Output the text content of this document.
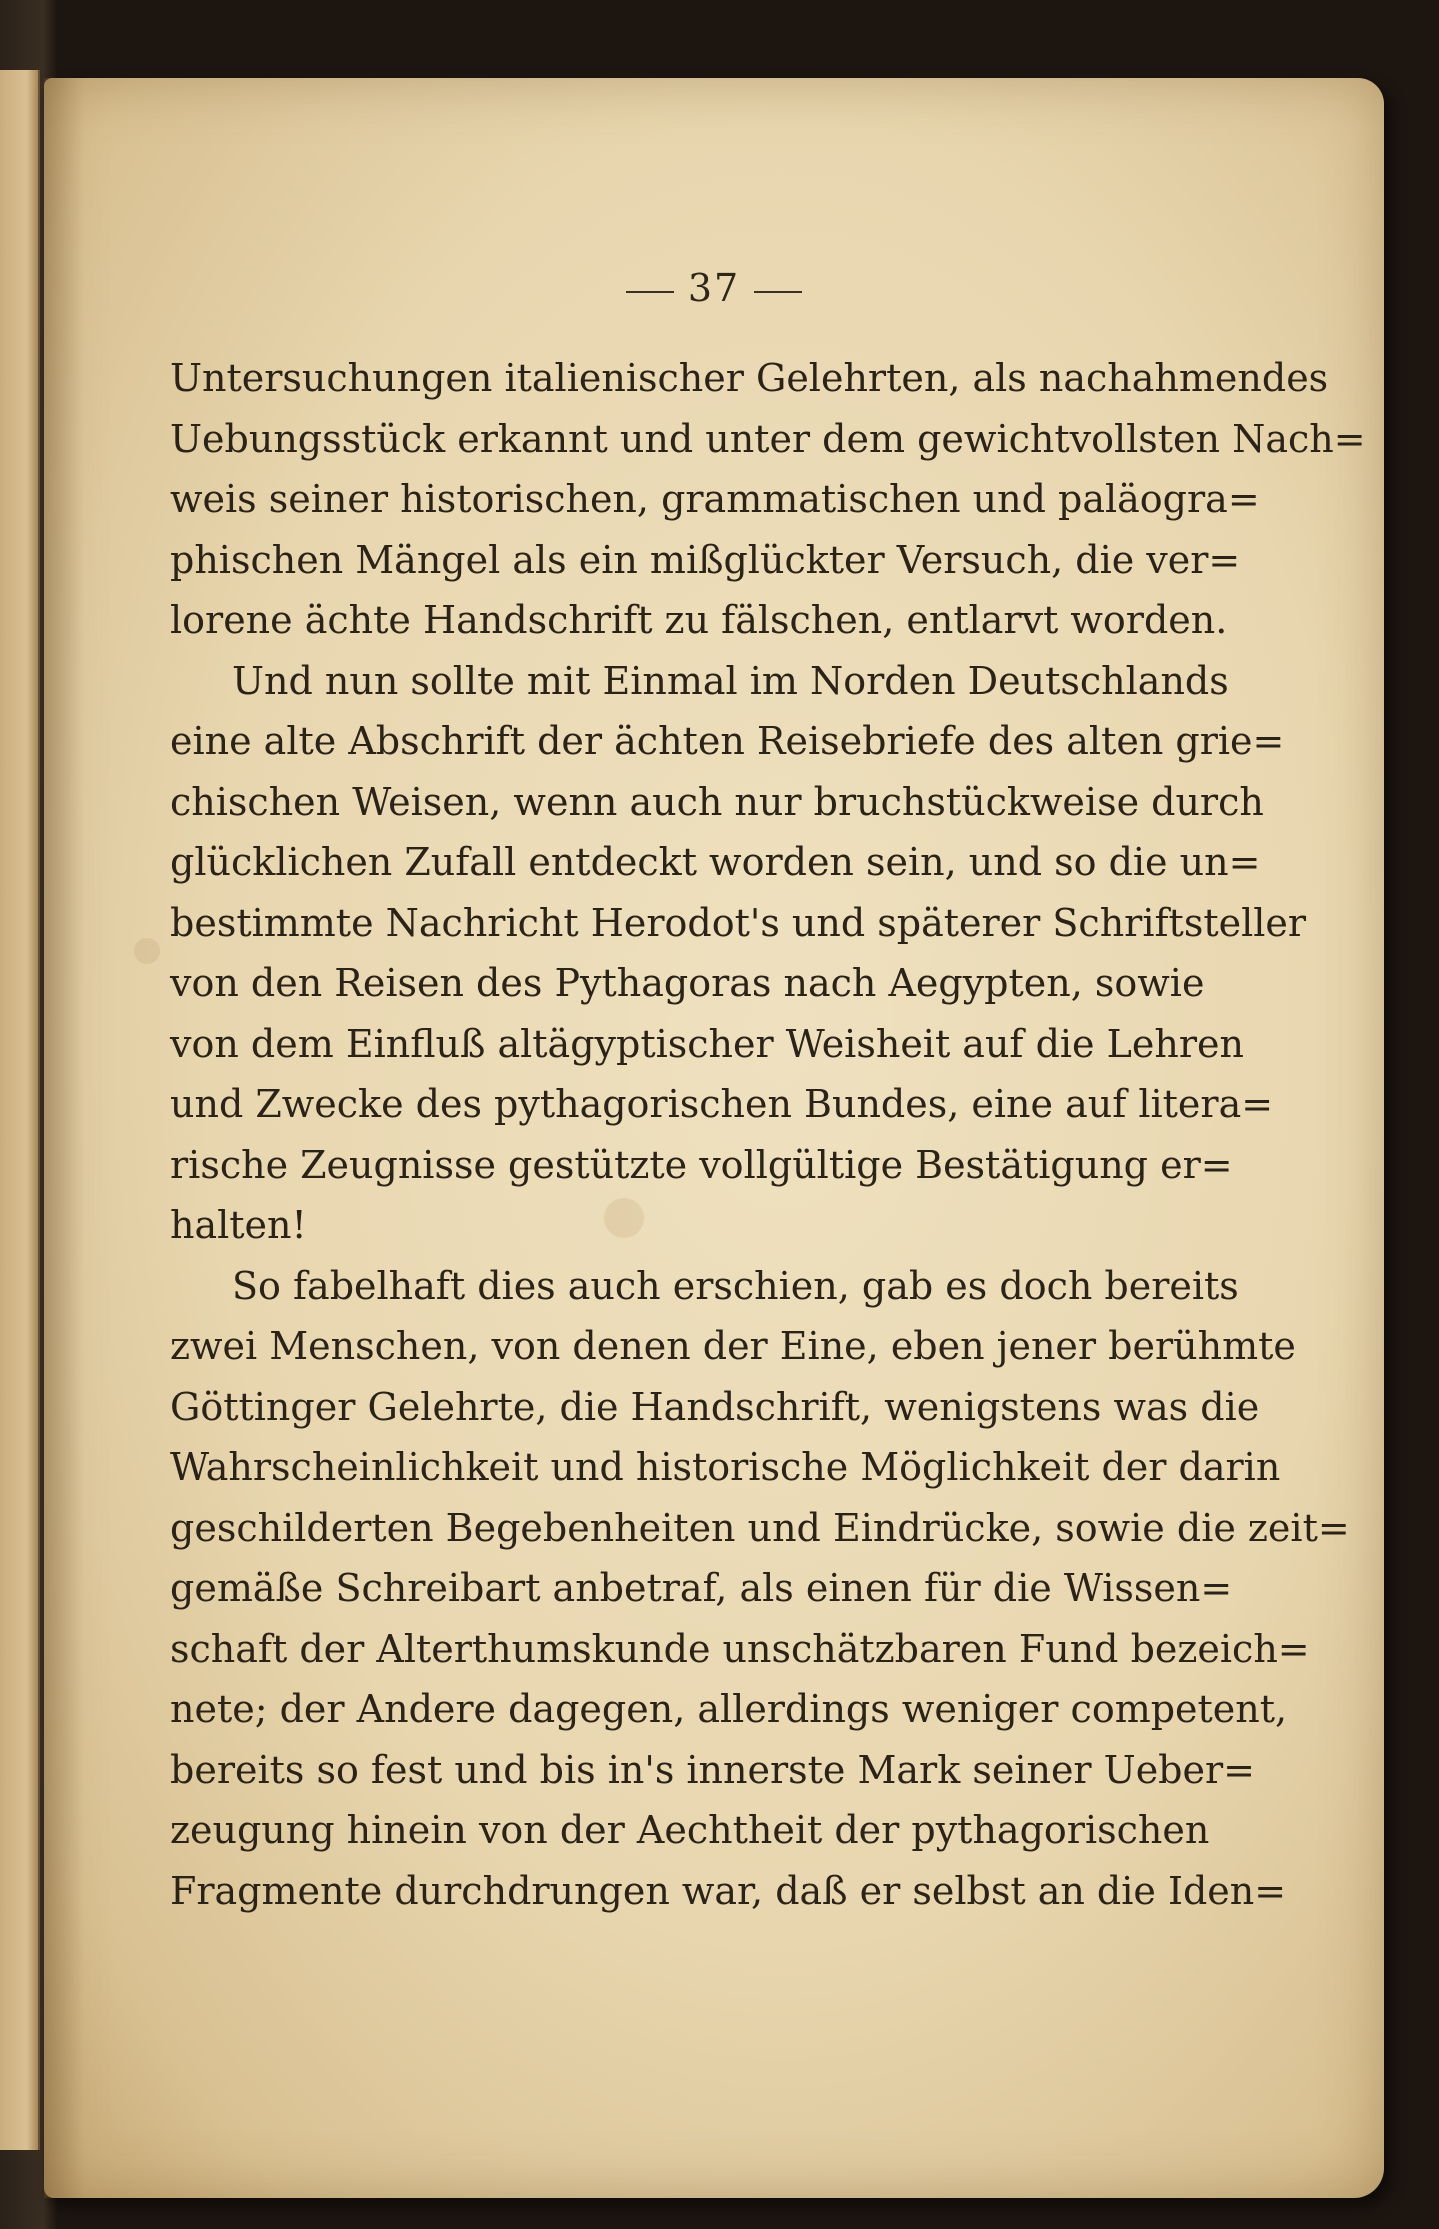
37

Untersuchungen italienischer Gelehrten, als nachahmendes
Uebungsstück erkannt und unter dem gewichtvollsten Nach=
weis seiner historischen, grammatischen und paläogra=
phischen Mängel als ein mißglückter Versuch, die ver=
lorene ächte Handschrift zu fälschen, entlarvt worden.

Und nun sollte mit Einmal im Norden Deutschlands
eine alte Abschrift der ächten Reisebriefe des alten grie=
chischen Weisen, wenn auch nur bruchstückweise durch
glücklichen Zufall entdeckt worden sein, und so die un=
bestimmte Nachricht Herodot's und späterer Schriftsteller
von den Reisen des Pythagoras nach Aegypten, sowie
von dem Einfluß altägyptischer Weisheit auf die Lehren
und Zwecke des pythagorischen Bundes, eine auf litera=
rische Zeugnisse gestützte vollgültige Bestätigung er=
halten!

So fabelhaft dies auch erschien, gab es doch bereits
zwei Menschen, von denen der Eine, eben jener berühmte
Göttinger Gelehrte, die Handschrift, wenigstens was die
Wahrscheinlichkeit und historische Möglichkeit der darin
geschilderten Begebenheiten und Eindrücke, sowie die zeit=
gemäße Schreibart anbetraf, als einen für die Wissen=
schaft der Alterthumskunde unschätzbaren Fund bezeich=
nete; der Andere dagegen, allerdings weniger competent,
bereits so fest und bis in's innerste Mark seiner Ueber=
zeugung hinein von der Aechtheit der pythagorischen
Fragmente durchdrungen war, daß er selbst an die Iden=
